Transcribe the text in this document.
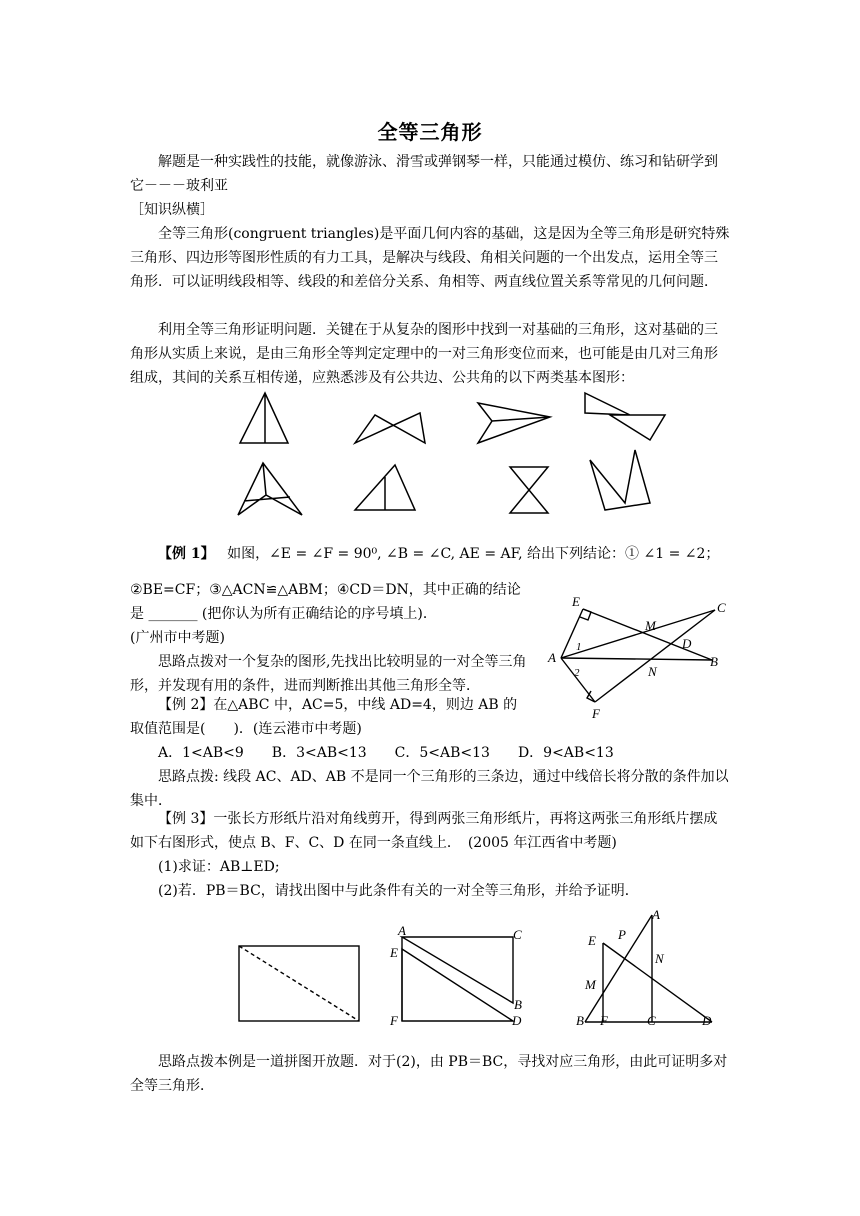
全等三角形

解题是一种实践性的技能，就像游泳、滑雪或弹钢琴一样，只能通过模仿、练习和钻研学到它－－－玻利亚

［知识纵横］

全等三角形(congruent triangles)是平面几何内容的基础，这是因为全等三角形是研究特殊三角形、四边形等图形性质的有力工具，是解决与线段、角相关问题的一个出发点，运用全等三角形．可以证明线段相等、线段的和差倍分关系、角相等、两直线位置关系等常见的几何问题．

利用全等三角形证明问题．关键在于从复杂的图形中找到一对基础的三角形，这对基础的三角形从实质上来说，是由三角形全等判定定理中的一对三角形变位而来，也可能是由几对三角形组成，其间的关系互相传递，应熟悉涉及有公共边、公共角的以下两类基本图形：

【例 1】 如图，∠E = ∠F = 90⁰, ∠B = ∠C, AE = AF, 给出下列结论：① ∠1 = ∠2；

②BE=CF；③△ACN≌△ABM；④CD＝DN，其中正确的结论是 _______ (把你认为所有正确结论的序号填上)．　　　　　　(广州市中考题)

思路点拨对一个复杂的图形,先找出比较明显的一对全等三角形，并发现有用的条件，进而判断推出其他三角形全等．

E	C
M
D
A	B
N
F
1
2

【例 2】在△ABC 中，AC=5，中线 AD=4，则边 AB 的取值范围是(　　)．(连云港市中考题)

A．1<AB<9　　B．3<AB<13　　C．5<AB<13　　D．9<AB<13

思路点拨: 线段 AC、AD、AB 不是同一个三角形的三条边，通过中线倍长将分散的条件加以集中．

【例 3】一张长方形纸片沿对角线剪开，得到两张三角形纸片，再将这两张三角形纸片摆成如下右图形式，使点 B、F、C、D 在同一条直线上．　(2005 年江西省中考题)

(1)求证：AB⊥ED;

(2)若．PB＝BC，请找出图中与此条件有关的一对全等三角形，并给予证明．

A	C
E
B
F	D
A
E P
N
M
B F	C	D

思路点拨本例是一道拼图开放题．对于(2)，由 PB＝BC，寻找对应三角形，由此可证明多对全等三角形．
